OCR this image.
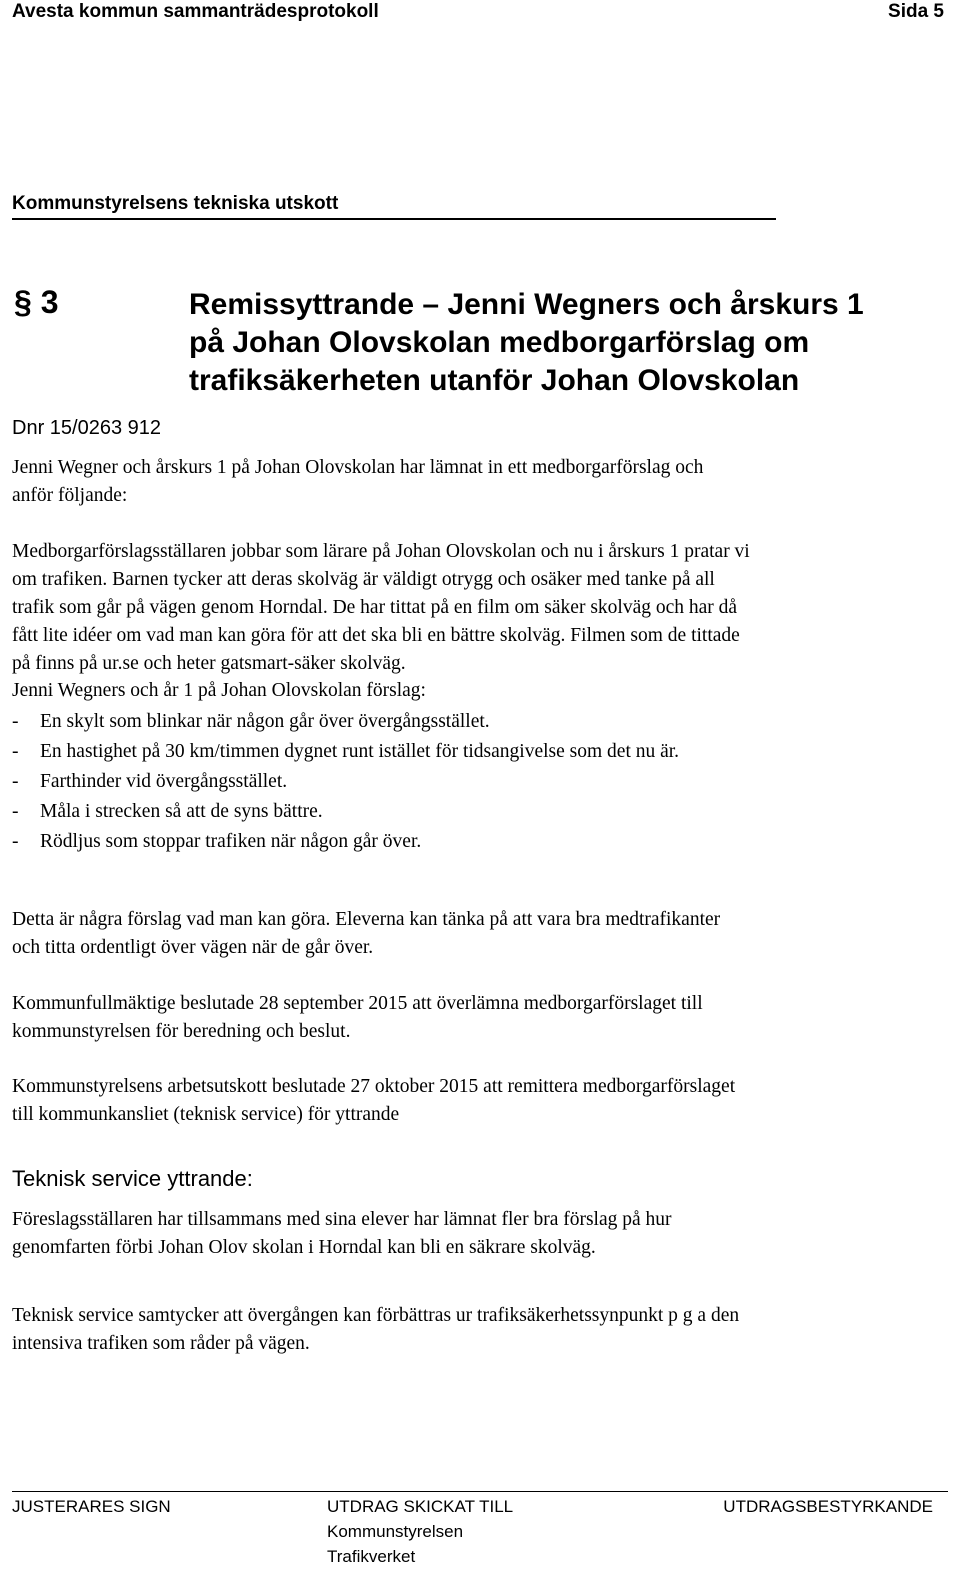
Avesta kommun sammanträdesprotokoll	Sida 5
Kommunstyrelsens tekniska utskott
§ 3	Remissyttrande – Jenni Wegners och årskurs 1
på Johan Olovskolan medborgarförslag om
trafiksäkerheten utanför Johan Olovskolan
Dnr 15/0263 912
Jenni Wegner och årskurs 1 på Johan Olovskolan har lämnat in ett medborgarförslag och
anför följande:
Medborgarförslagsställaren jobbar som lärare på Johan Olovskolan och nu i årskurs 1 pratar vi
om trafiken. Barnen tycker att deras skolväg är väldigt otrygg och osäker med tanke på all
trafik som går på vägen genom Horndal. De har tittat på en film om säker skolväg och har då
fått lite idéer om vad man kan göra för att det ska bli en bättre skolväg. Filmen som de tittade
på finns på ur.se och heter gatsmart-säker skolväg.
Jenni Wegners och år 1 på Johan Olovskolan förslag:
- En skylt som blinkar när någon går över övergångsstället.
- En hastighet på 30 km/timmen dygnet runt istället för tidsangivelse som det nu är.
- Farthinder vid övergångsstället.
- Måla i strecken så att de syns bättre.
- Rödljus som stoppar trafiken när någon går över.
Detta är några förslag vad man kan göra. Eleverna kan tänka på att vara bra medtrafikanter
och titta ordentligt över vägen när de går över.
Kommunfullmäktige beslutade 28 september 2015 att överlämna medborgarförslaget till
kommunstyrelsen för beredning och beslut.
Kommunstyrelsens arbetsutskott beslutade 27 oktober 2015 att remittera medborgarförslaget
till kommunkansliet (teknisk service) för yttrande
Teknisk service yttrande:
Föreslagsställaren har tillsammans med sina elever har lämnat fler bra förslag på hur
genomfarten förbi Johan Olov skolan i Horndal kan bli en säkrare skolväg.
Teknisk service samtycker att övergången kan förbättras ur trafiksäkerhetssynpunkt p g a den
intensiva trafiken som råder på vägen.
JUSTERARES SIGN	UTDRAG SKICKAT TILL
Kommunstyrelsen
Trafikverket
UTDRAGSBESTYRKANDE
